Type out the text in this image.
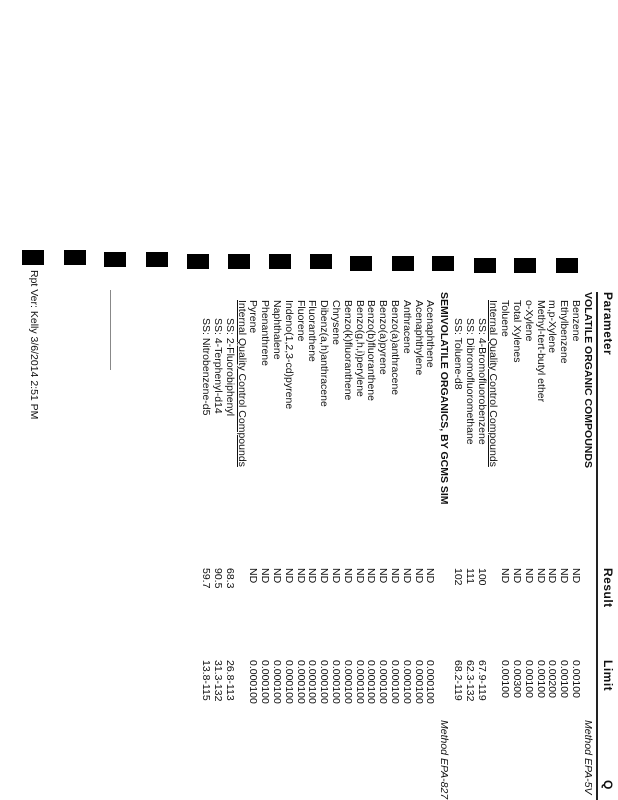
Rpt Ver: Kelly 3/6/2014 2:51 PM	Parameter
Result
Limit
Q
VOLATILE ORGANIC COMPOUNDS
Method EPA-5V
Benzene
ND
0.00100
Ethylbenzene
ND
0.00100
m,p-Xylene
ND
0.00200
Methyl-tert-butyl ether
ND
0.00100
o-Xylene
ND
0.00100
Total Xylenes
ND
0.00300
Toluene
ND
0.00100
Internal Quality Control Compounds
SS: 4-Bromofluorobenzene
100
67.9-119
SS: Dibromofluoromethane
111
62.3-132
SS: Toluene-d8
102
68.2-119
SEMIVOLATILE ORGANICS, BY GCMS SIM
Method EPA-827
Acenaphthene
ND
0.000100
Acenaphthylene
ND
0.000100
Anthracene
ND
0.000100
Benzo(a)anthracene
ND
0.000100
Benzo(a)pyrene
ND
0.000100
Benzo(b)fluoranthene
ND
0.000100
Benzo(g,h,i)perylene
ND
0.000100
Benzo(k)fluoranthene
ND
0.000100
Chrysene
ND
0.000100
Dibenz(a,h)anthracene
ND
0.000100
Fluoranthene
ND
0.000100
Fluorene
ND
0.000100
Indeno(1,2,3-cd)pyrene
ND
0.000100
Naphthalene
ND
0.000100
Phenanthrene
ND
0.000100
Pyrene
ND
0.000100
Internal Quality Control Compounds
SS: 2-Fluorobiphenyl
68.3
26.8-113
SS: 4-Terphenyl-d14
90.5
31.3-132
SS: Nitrobenzene-d5
59.7
13.8-115
